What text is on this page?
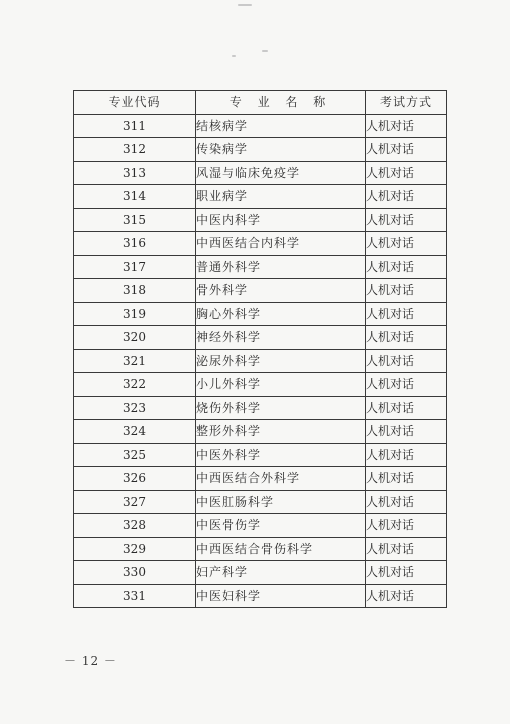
专业代码	专 业 名 称	考试方式
311	结核病学	人机对话
312	传染病学	人机对话
313	风湿与临床免疫学	人机对话
314	职业病学	人机对话
315	中医内科学	人机对话
316	中西医结合内科学	人机对话
317	普通外科学	人机对话
318	骨外科学	人机对话
319	胸心外科学	人机对话
320	神经外科学	人机对话
321	泌尿外科学	人机对话
322	小儿外科学	人机对话
323	烧伤外科学	人机对话
324	整形外科学	人机对话
325	中医外科学	人机对话
326	中西医结合外科学	人机对话
327	中医肛肠科学	人机对话
328	中医骨伤学	人机对话
329	中西医结合骨伤科学	人机对话
330	妇产科学	人机对话
331	中医妇科学	人机对话
－ 12 －
